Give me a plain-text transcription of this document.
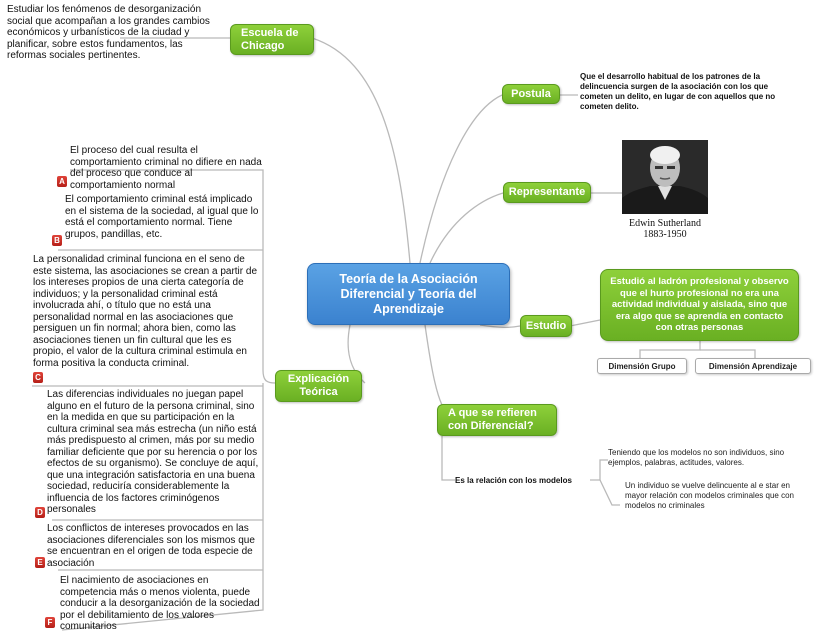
Teoría de la Asociación Diferencial y Teoría del Aprendizaje
Escuela de Chicago
Estudiar los fenómenos de desorganización social que acompañan a los grandes cambios económicos y urbanísticos de la ciudad y planificar, sobre estos fundamentos, las reformas sociales pertinentes.
Postula
Que el desarrollo habitual de los patrones de la delincuencia surgen de la asociación con los que cometen un delito, en lugar de con aquellos que no cometen delito.
Representante
Edwin Sutherland
1883-1950
Estudio
Estudió al ladrón profesional y observo que el hurto profesional no era una actividad individual y aislada, sino que era algo que se aprendía en contacto con otras personas
Dimensión Grupo	Dimensión Aprendizaje
A que se refieren con Diferencial?
Es la relación con los modelos
Teniendo que los modelos no son individuos, sino ejemplos, palabras, actitudes, valores.
Un individuo se vuelve delincuente al e star en mayor relación con modelos criminales que con modelos no criminales
Explicación Teórica
El proceso del cual resulta el comportamiento criminal no difiere en nada del proceso que conduce al comportamiento normal
A
El comportamiento criminal está implicado en el sistema de la sociedad, al igual que lo está el comportamiento normal. Tiene grupos, pandillas, etc.
B
La personalidad criminal funciona en el seno de este sistema, las asociaciones se crean a partir de los intereses propios de una cierta categoría de individuos; y la personalidad criminal está involucrada ahí, o título que no está una personalidad normal en las asociaciones que persiguen un fin normal; ahora bien, como las asociaciones tienen un fin cultural que les es propio, el valor de la cultura criminal estimula en forma positiva la conducta criminal.
C
Las diferencias individuales no juegan papel alguno en el futuro de la persona criminal, sino en la medida en que su participación en la cultura criminal sea más estrecha (un niño está más predispuesto al crimen, más por su medio familiar deficiente que por su herencia o por los efectos de su organismo). Se concluye de aquí, que una integración satisfactoria en una buena sociedad, reduciría considerablemente la influencia de los factores criminógenos personales
D
Los conflictos de intereses provocados en las asociaciones diferenciales son los mismos que se encuentran en el origen de toda especie de asociación
E
El nacimiento de asociaciones en competencia más o menos violenta, puede conducir a la desorganización de la sociedad por el debilitamiento de los valores comunitarios
F
